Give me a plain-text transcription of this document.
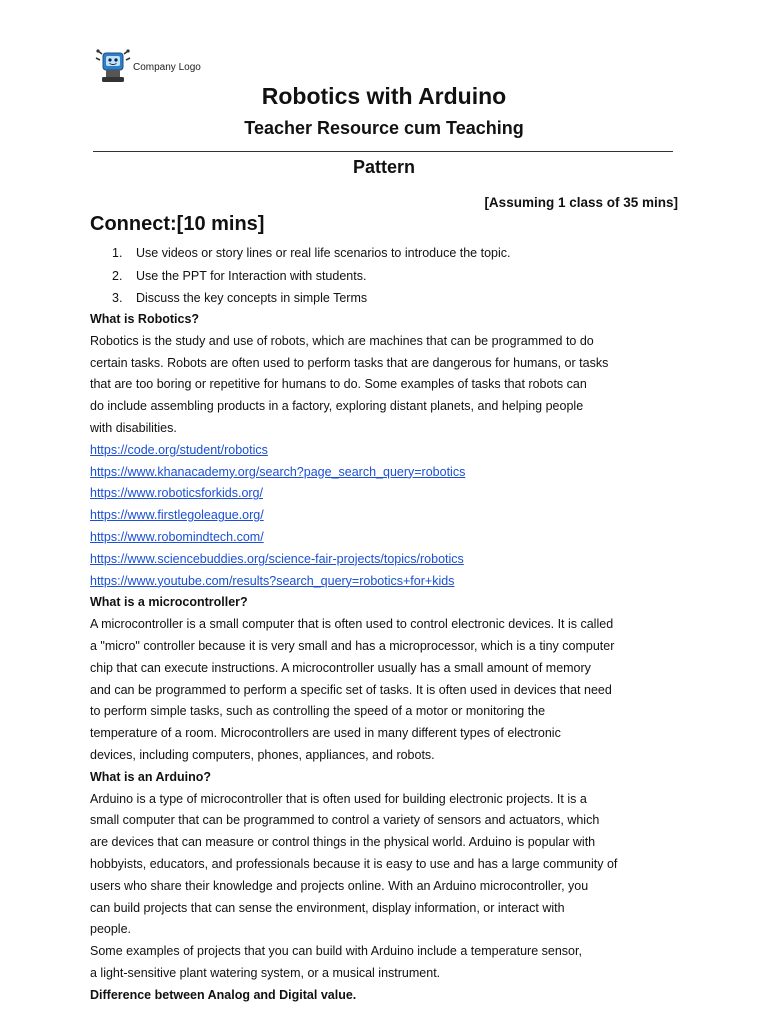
Company Logo
Robotics with Arduino
Teacher Resource cum Teaching
Pattern
[Assuming 1 class of 35 mins]
Connect:[10 mins]
1. Use videos or story lines or real life scenarios to introduce the topic.
2. Use the PPT for Interaction with students.
3. Discuss the key concepts in simple Terms

What is Robotics?

Robotics is the study and use of robots, which are machines that can be programmed to do

certain tasks. Robots are often used to perform tasks that are dangerous for humans, or tasks

that are too boring or repetitive for humans to do. Some examples of tasks that robots can

do include assembling products in a factory, exploring distant planets, and helping people

with disabilities.

https://code.org/student/robotics

https://www.khanacademy.org/search?page_search_query=robotics

https://www.roboticsforkids.org/

https://www.firstlegoleague.org/

https://www.robomindtech.com/

https://www.sciencebuddies.org/science-fair-projects/topics/robotics

https://www.youtube.com/results?search_query=robotics+for+kids

What is a microcontroller?

A microcontroller is a small computer that is often used to control electronic devices. It is called

a "micro" controller because it is very small and has a microprocessor, which is a tiny computer

chip that can execute instructions. A microcontroller usually has a small amount of memory

and can be programmed to perform a specific set of tasks. It is often used in devices that need

to perform simple tasks, such as controlling the speed of a motor or monitoring the

temperature of a room. Microcontrollers are used in many different types of electronic

devices, including computers, phones, appliances, and robots.

What is an Arduino?

Arduino is a type of microcontroller that is often used for building electronic projects. It is a

small computer that can be programmed to control a variety of sensors and actuators, which

are devices that can measure or control things in the physical world. Arduino is popular with

hobbyists, educators, and professionals because it is easy to use and has a large community of

users who share their knowledge and projects online. With an Arduino microcontroller, you

can build projects that can sense the environment, display information, or interact with

people.

Some examples of projects that you can build with Arduino include a temperature sensor,

a light-sensitive plant watering system, or a musical instrument.

Difference between Analog and Digital value.
